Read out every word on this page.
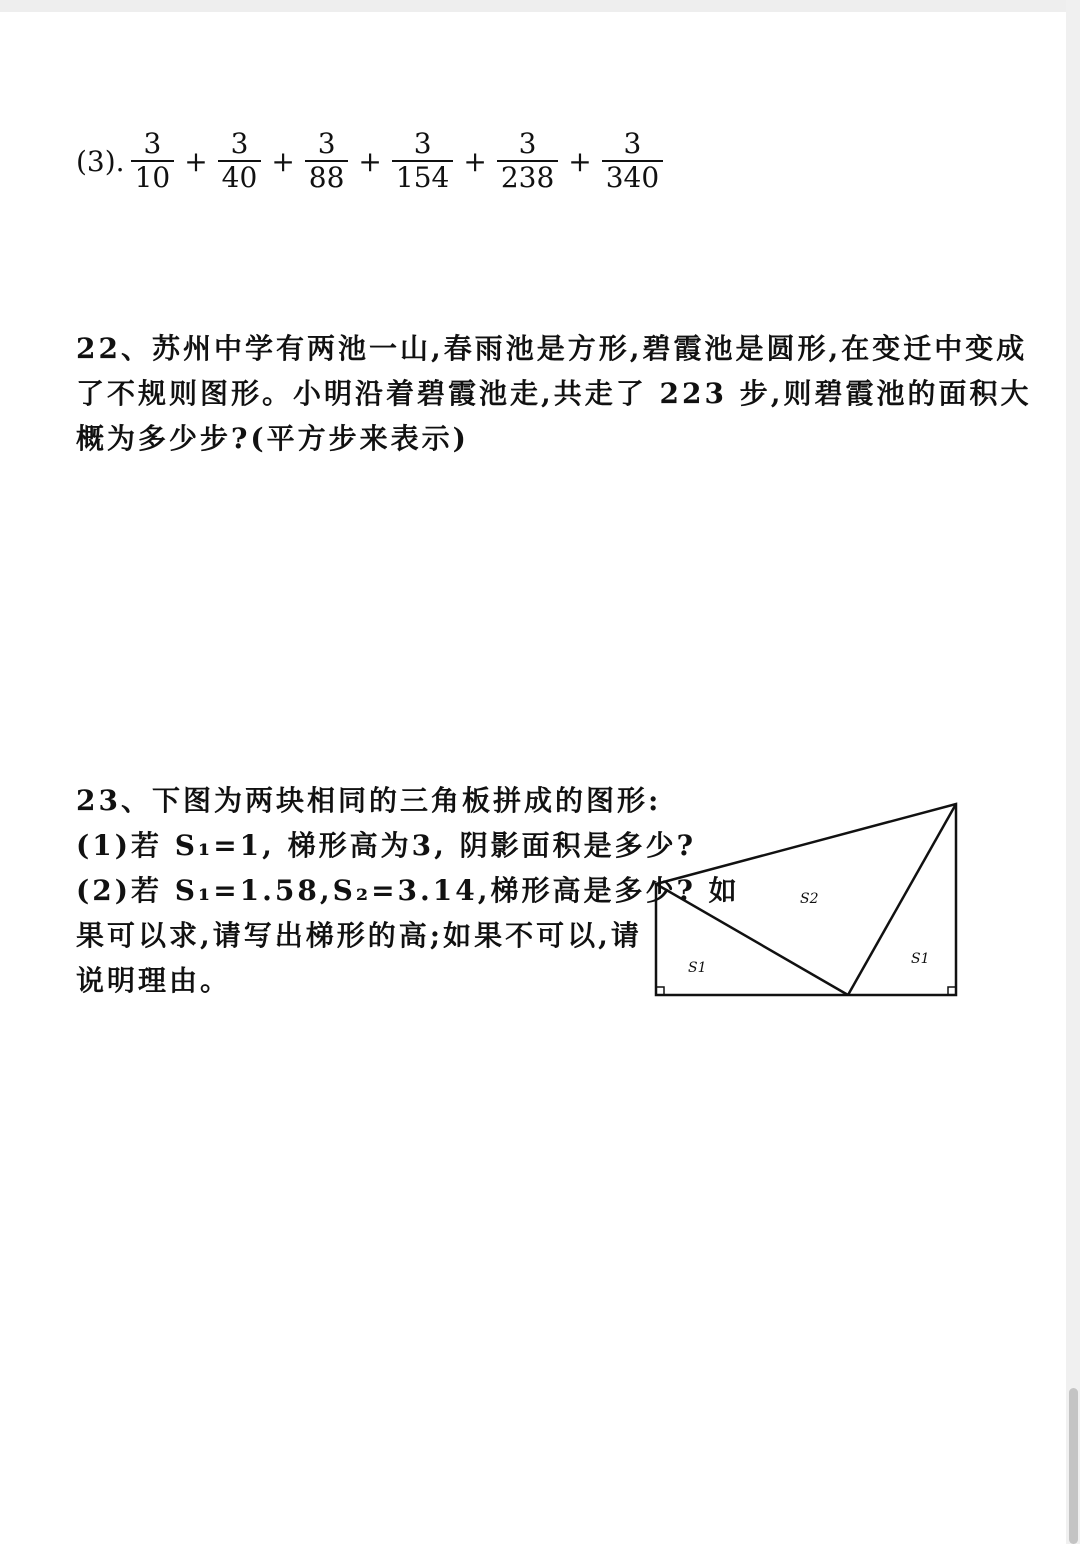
(3). $\frac{3}{10} + \frac{3}{40} + \frac{3}{88} + \frac{3}{154} + \frac{3}{238} + \frac{3}{340}$
22、苏州中学有两池一山,春雨池是方形,碧霞池是圆形,在变迁中变成
了不规则图形。小明沿着碧霞池走,共走了 223 步,则碧霞池的面积大
概为多少步?(平方步来表示)
23、下图为两块相同的三角板拼成的图形:
(1)若 S₁=1, 梯形高为3, 阴影面积是多少?
(2)若 S₁=1.58,S₂=3.14,梯形高是多少? 如
果可以求,请写出梯形的高;如果不可以,请
说明理由。	S1
S2
S1
